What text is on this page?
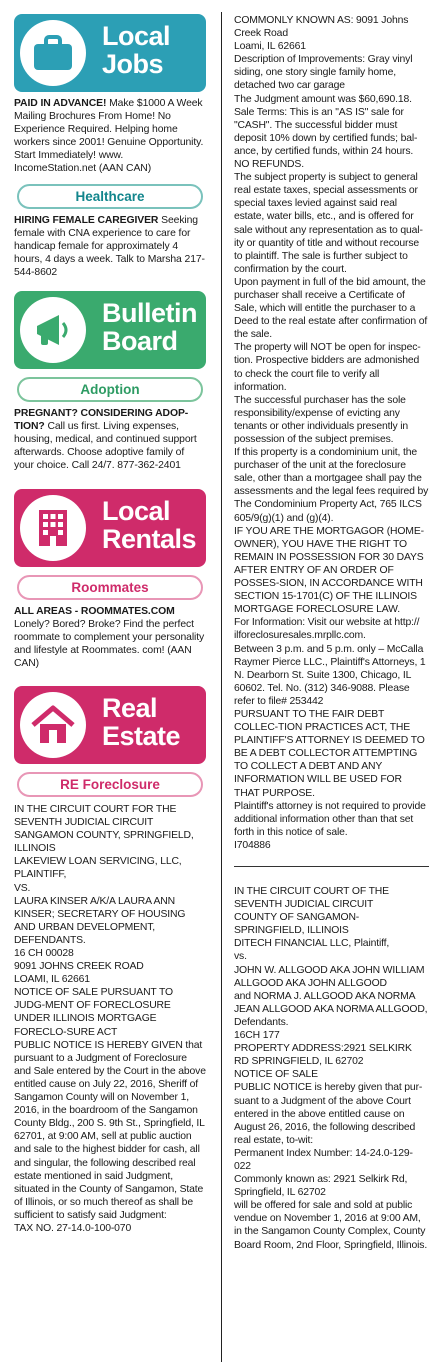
Local
Jobs
PAID IN ADVANCE! Make $1000 A Week Mailing Brochures From Home! No Experience Required. Helping home workers since 2001! Genuine Opportunity. Start Immediately! www. IncomeStation.net (AAN CAN)
Healthcare
HIRING FEMALE CAREGIVER Seeking female with CNA experience to care for handicap female for approximately 4 hours, 4 days a week. Talk to Marsha 217-544-8602
Bulletin
Board
Adoption
PREGNANT? CONSIDERING ADOP-TION? Call us first. Living expenses, housing, medical, and continued support afterwards. Choose adoptive family of your choice. Call 24/7. 877-362-2401
Local
Rentals
Roommates
ALL AREAS - ROOMMATES.COM Lonely? Bored? Broke? Find the perfect roommate to complement your personality and lifestyle at Roommates. com! (AAN CAN)
Real
Estate
RE Foreclosure
IN THE CIRCUIT COURT FOR THE SEVENTH JUDICIAL CIRCUIT
SANGAMON COUNTY, SPRINGFIELD, ILLINOIS
LAKEVIEW LOAN SERVICING, LLC, PLAINTIFF,
VS.
LAURA KINSER A/K/A LAURA ANN KINSER; SECRETARY OF HOUSING AND URBAN DEVELOPMENT,
DEFENDANTS.
16 CH 00028
9091 JOHNS CREEK ROAD
LOAMI, IL 62661
NOTICE OF SALE PURSUANT TO JUDG-MENT OF FORECLOSURE
UNDER ILLINOIS MORTGAGE FORECLO-SURE ACT
PUBLIC NOTICE IS HEREBY GIVEN that pursuant to a Judgment of Foreclosure and Sale entered by the Court in the above entitled cause on July 22, 2016, Sheriff of Sangamon County will on November 1, 2016, in the boardroom of the Sangamon County Bldg., 200 S. 9th St., Springfield, IL 62701, at 9:00 AM, sell at public auction and sale to the highest bidder for cash, all and singular, the following described real estate mentioned in said Judgment, situated in the County of Sangamon, State of Illinois, or so much thereof as shall be sufficient to satisfy said Judgment:
TAX NO. 27-14.0-100-070
COMMONLY KNOWN AS: 9091 Johns Creek Road
Loami, IL 62661
Description of Improvements: Gray vinyl siding, one story single family home, detached two car garage
The Judgment amount was $60,690.18.
Sale Terms: This is an "AS IS" sale for "CASH". The successful bidder must deposit 10% down by certified funds; bal-ance, by certified funds, within 24 hours. NO REFUNDS.
The subject property is subject to general real estate taxes, special assessments or special taxes levied against said real estate, water bills, etc., and is offered for sale without any representation as to qual-ity or quantity of title and without recourse to plaintiff. The sale is further subject to confirmation by the court.
Upon payment in full of the bid amount, the purchaser shall receive a Certificate of Sale, which will entitle the purchaser to a Deed to the real estate after confirmation of the sale.
The property will NOT be open for inspec-tion. Prospective bidders are admonished to check the court file to verify all information.
The successful purchaser has the sole responsibility/expense of evicting any tenants or other individuals presently in possession of the subject premises.
If this property is a condominium unit, the purchaser of the unit at the foreclosure sale, other than a mortgagee shall pay the assessments and the legal fees required by The Condominium Property Act, 765 ILCS 605/9(g)(1) and (g)(4).
IF YOU ARE THE MORTGAGOR (HOME-OWNER), YOU HAVE THE RIGHT TO REMAIN IN POSSESSION FOR 30 DAYS AFTER ENTRY OF AN ORDER OF POSSES-SION, IN ACCORDANCE WITH SECTION 15-1701(C) OF THE ILLINOIS MORTGAGE FORECLOSURE LAW.
For Information: Visit our website at http:// ilforeclosuresales.mrpllc.com.
Between 3 p.m. and 5 p.m. only – McCalla Raymer Pierce LLC., Plaintiff's Attorneys, 1 N. Dearborn St. Suite 1300, Chicago, IL 60602. Tel. No. (312) 346-9088. Please refer to file# 253442
PURSUANT TO THE FAIR DEBT COLLEC-TION PRACTICES ACT, THE PLAINTIFF'S ATTORNEY IS DEEMED TO BE A DEBT COLLECTOR ATTEMPTING TO COLLECT A DEBT AND ANY INFORMATION WILL BE USED FOR THAT PURPOSE.
Plaintiff's attorney is not required to provide additional information other than that set forth in this notice of sale.
I704886
IN THE CIRCUIT COURT OF THE SEVENTH JUDICIAL CIRCUIT
COUNTY OF SANGAMON-SPRINGFIELD, ILLINOIS
DITECH FINANCIAL LLC, Plaintiff,
vs.
JOHN W. ALLGOOD AKA JOHN WILLIAM ALLGOOD AKA JOHN ALLGOOD
and NORMA J. ALLGOOD AKA NORMA JEAN ALLGOOD AKA NORMA ALLGOOD, Defendants.
16CH 177
PROPERTY ADDRESS:2921 SELKIRK RD SPRINGFIELD, IL 62702
NOTICE OF SALE
PUBLIC NOTICE is hereby given that pur-suant to a Judgment of the above Court entered in the above entitled cause on August 26, 2016, the following described real estate, to-wit:
Permanent Index Number: 14-24.0-129-022
Commonly known as: 2921 Selkirk Rd, Springfield, IL 62702
will be offered for sale and sold at public vendue on November 1, 2016 at 9:00 AM, in the Sangamon County Complex, County Board Room, 2nd Floor, Springfield, Illinois.
